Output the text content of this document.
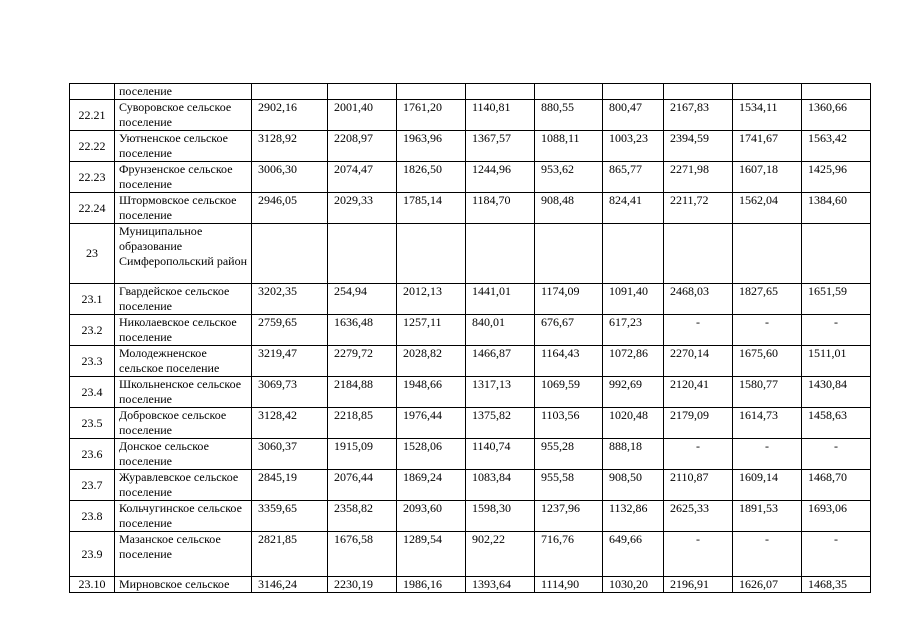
	поселение									
22.21	Суворовское сельское поселение	2902,16	2001,40	1761,20	1140,81	880,55	800,47	2167,83	1534,11	1360,66
22.22	Уютненское сельское поселение	3128,92	2208,97	1963,96	1367,57	1088,11	1003,23	2394,59	1741,67	1563,42
22.23	Фрунзенское сельское поселение	3006,30	2074,47	1826,50	1244,96	953,62	865,77	2271,98	1607,18	1425,96
22.24	Штормовское сельское поселение	2946,05	2029,33	1785,14	1184,70	908,48	824,41	2211,72	1562,04	1384,60
23	Муниципальное образование Симферопольский район									
23.1	Гвардейское сельское поселение	3202,35	254,94	2012,13	1441,01	1174,09	1091,40	2468,03	1827,65	1651,59
23.2	Николаевское сельское поселение	2759,65	1636,48	1257,11	840,01	676,67	617,23	-	-	-
23.3	Молодежненское сельское поселение	3219,47	2279,72	2028,82	1466,87	1164,43	1072,86	2270,14	1675,60	1511,01
23.4	Школьненское сельское поселение	3069,73	2184,88	1948,66	1317,13	1069,59	992,69	2120,41	1580,77	1430,84
23.5	Добровское сельское поселение	3128,42	2218,85	1976,44	1375,82	1103,56	1020,48	2179,09	1614,73	1458,63
23.6	Донское сельское поселение	3060,37	1915,09	1528,06	1140,74	955,28	888,18	-	-	-
23.7	Журавлевское сельское поселение	2845,19	2076,44	1869,24	1083,84	955,58	908,50	2110,87	1609,14	1468,70
23.8	Кольчугинское сельское поселение	3359,65	2358,82	2093,60	1598,30	1237,96	1132,86	2625,33	1891,53	1693,06
23.9	Мазанское сельское поселение	2821,85	1676,58	1289,54	902,22	716,76	649,66	-	-	-
23.10	Мирновское сельское	3146,24	2230,19	1986,16	1393,64	1114,90	1030,20	2196,91	1626,07	1468,35
